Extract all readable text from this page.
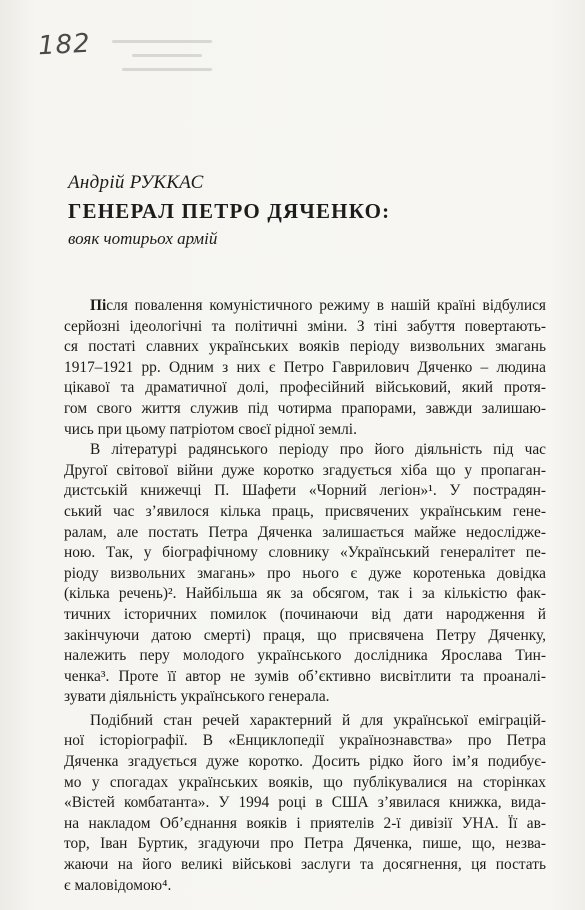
182
Андрій РУККАС
ГЕНЕРАЛ ПЕТРО ДЯЧЕНКО:
вояк чотирьох армій
Після повалення комуністичного режиму в нашій країні відбулися
серйозні ідеологічні та політичні зміни. З тіні забуття повертають-
ся постаті славних українських вояків періоду визвольних змагань
1917–1921 рр. Одним з них є Петро Гаврилович Дяченко – людина
цікавої та драматичної долі, професійний військовий, який протя-
гом свого життя служив під чотирма прапорами, завжди залишаю-
чись при цьому патріотом своєї рідної землі.
В літературі радянського періоду про його діяльність під час
Другої світової війни дуже коротко згадується хіба що у пропаган-
дистській книжечці П. Шафети «Чорний легіон»¹. У пострадян-
ський час з’явилося кілька праць, присвячених українським гене-
ралам, але постать Петра Дяченка залишається майже недосліджe-
ною. Так, у біографічному словнику «Український генералітет пе-
ріоду визвольних змагань» про нього є дуже коротенька довідка
(кілька речень)². Найбільша як за обсягом, так і за кількістю фак-
тичних історичних помилок (починаючи від дати народження й
закінчуючи датою смерті) праця, що присвячена Петру Дяченку,
належить перу молодого українського дослідника Ярослава Тин-
ченка³. Проте її автор не зумів об’єктивно висвітлити та проаналі-
зувати діяльність українського генерала.
Подібний стан речей характерний й для української еміграцій-
ної історіографії. В «Енциклопедії українознавства» про Петра
Дяченка згадується дуже коротко. Досить рідко його ім’я подибує-
мо у спогадах українських вояків, що публікувалися на сторінках
«Вістей комбатанта». У 1994 році в США з’явилася книжка, вида-
на накладом Об’єднання вояків і приятелів 2-ї дивізії УНА. Її ав-
тор, Іван Буртик, згадуючи про Петра Дяченка, пише, що, незва-
жаючи на його великі військові заслуги та досягнення, ця постать
є маловідомою⁴.
